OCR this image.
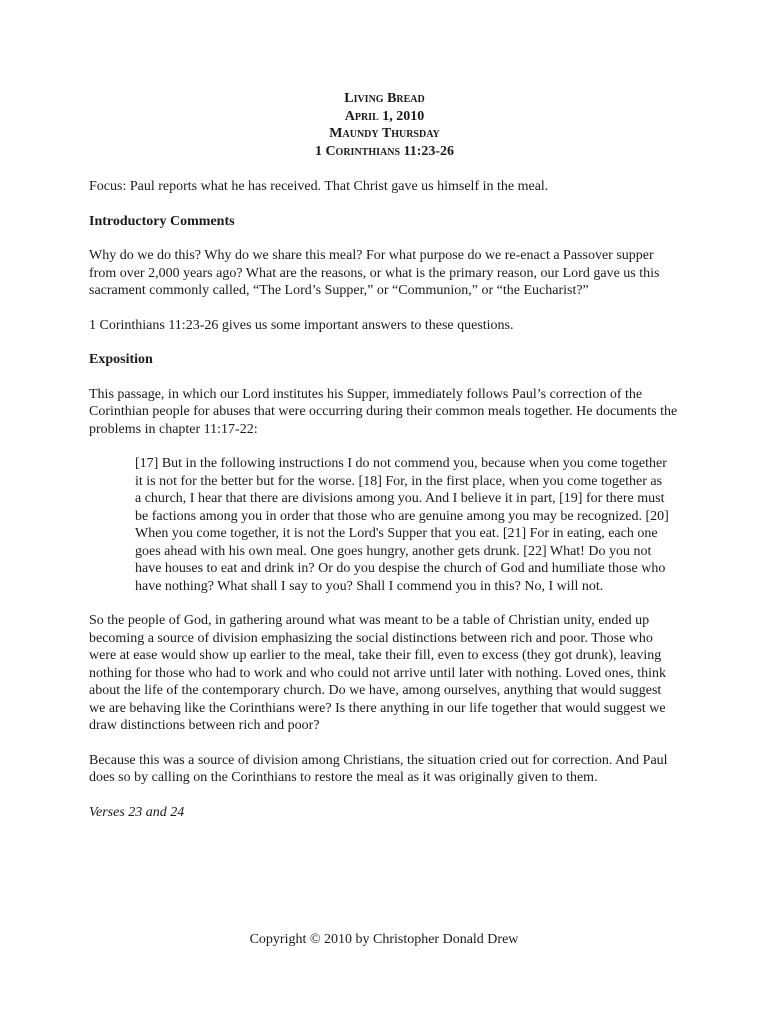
Living Bread
April 1, 2010
Maundy Thursday
1 Corinthians 11:23-26

Focus: Paul reports what he has received. That Christ gave us himself in the meal.

Introductory Comments

Why do we do this? Why do we share this meal? For what purpose do we re-enact a Passover supper from over 2,000 years ago? What are the reasons, or what is the primary reason, our Lord gave us this sacrament commonly called, “The Lord’s Supper,” or “Communion,” or “the Eucharist?”

1 Corinthians 11:23-26 gives us some important answers to these questions.

Exposition

This passage, in which our Lord institutes his Supper, immediately follows Paul’s correction of the Corinthian people for abuses that were occurring during their common meals together. He documents the problems in chapter 11:17-22:

[17] But in the following instructions I do not commend you, because when you come together it is not for the better but for the worse. [18] For, in the first place, when you come together as a church, I hear that there are divisions among you. And I believe it in part, [19] for there must be factions among you in order that those who are genuine among you may be recognized. [20] When you come together, it is not the Lord's Supper that you eat. [21] For in eating, each one goes ahead with his own meal. One goes hungry, another gets drunk. [22] What! Do you not have houses to eat and drink in? Or do you despise the church of God and humiliate those who have nothing? What shall I say to you? Shall I commend you in this? No, I will not.

So the people of God, in gathering around what was meant to be a table of Christian unity, ended up becoming a source of division emphasizing the social distinctions between rich and poor. Those who were at ease would show up earlier to the meal, take their fill, even to excess (they got drunk), leaving nothing for those who had to work and who could not arrive until later with nothing. Loved ones, think about the life of the contemporary church. Do we have, among ourselves, anything that would suggest we are behaving like the Corinthians were? Is there anything in our life together that would suggest we draw distinctions between rich and poor?

Because this was a source of division among Christians, the situation cried out for correction. And Paul does so by calling on the Corinthians to restore the meal as it was originally given to them.

Verses 23 and 24

Copyright © 2010 by Christopher Donald Drew
